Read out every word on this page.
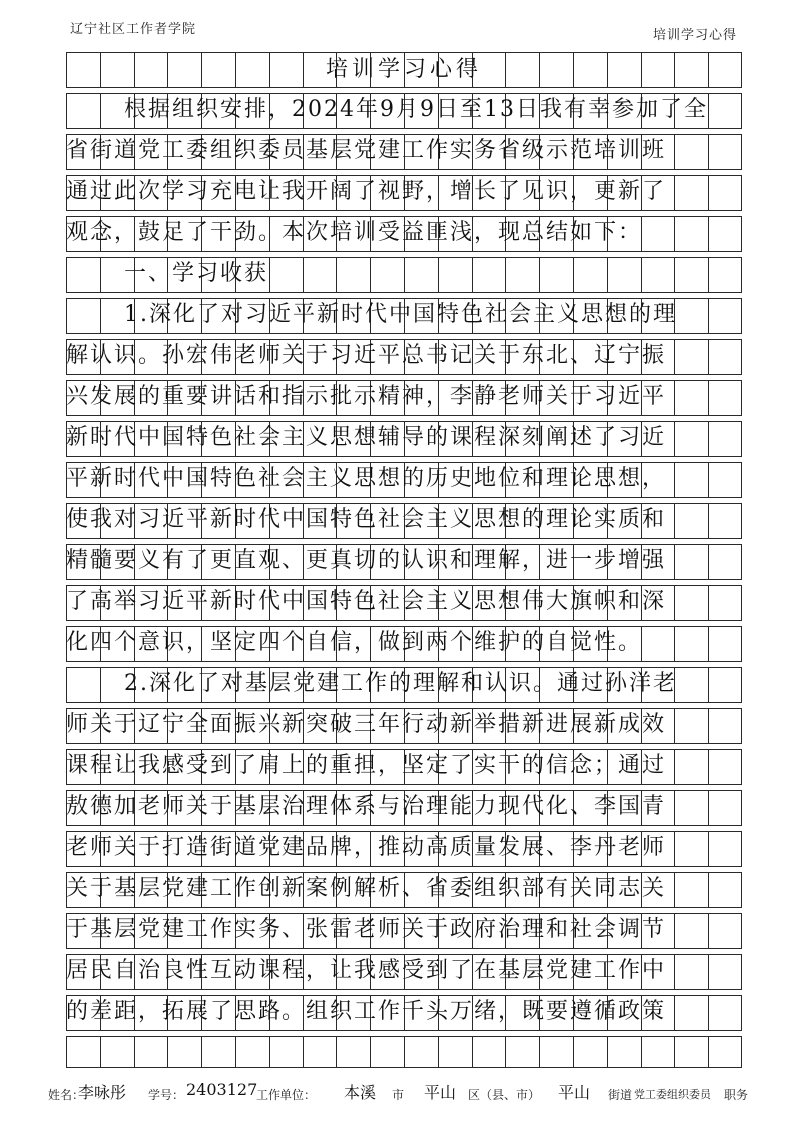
辽宁社区工作者学院	培训学习心得
培训学习心得
根据组织安排，2024年9月9日至13日我有幸参加了全
省街道党工委组织委员基层党建工作实务省级示范培训班
通过此次学习充电让我开阔了视野，增长了见识，更新了
观念，鼓足了干劲。本次培训受益匪浅，现总结如下：
一、学习收获
1.深化了对习近平新时代中国特色社会主义思想的理
解认识。孙宏伟老师关于习近平总书记关于东北、辽宁振
兴发展的重要讲话和指示批示精神，李静老师关于习近平
新时代中国特色社会主义思想辅导的课程深刻阐述了习近
平新时代中国特色社会主义思想的历史地位和理论思想，
使我对习近平新时代中国特色社会主义思想的理论实质和
精髓要义有了更直观、更真切的认识和理解，进一步增强
了高举习近平新时代中国特色社会主义思想伟大旗帜和深
化四个意识，坚定四个自信，做到两个维护的自觉性。
2.深化了对基层党建工作的理解和认识。通过孙洋老
师关于辽宁全面振兴新突破三年行动新举措新进展新成效
课程让我感受到了肩上的重担，坚定了实干的信念；通过
敖德加老师关于基层治理体系与治理能力现代化、李国青
老师关于打造街道党建品牌，推动高质量发展、李丹老师
关于基层党建工作创新案例解析、省委组织部有关同志关
于基层党建工作实务、张雷老师关于政府治理和社会调节
居民自治良性互动课程，让我感受到了在基层党建工作中
的差距，拓展了思路。组织工作千头万绪，既要遵循政策
姓名：
李咏彤 学号： 2403127
工作单位： 本溪 市 平山 区（县、市） 平山 街道 党工委组织委员 职务
